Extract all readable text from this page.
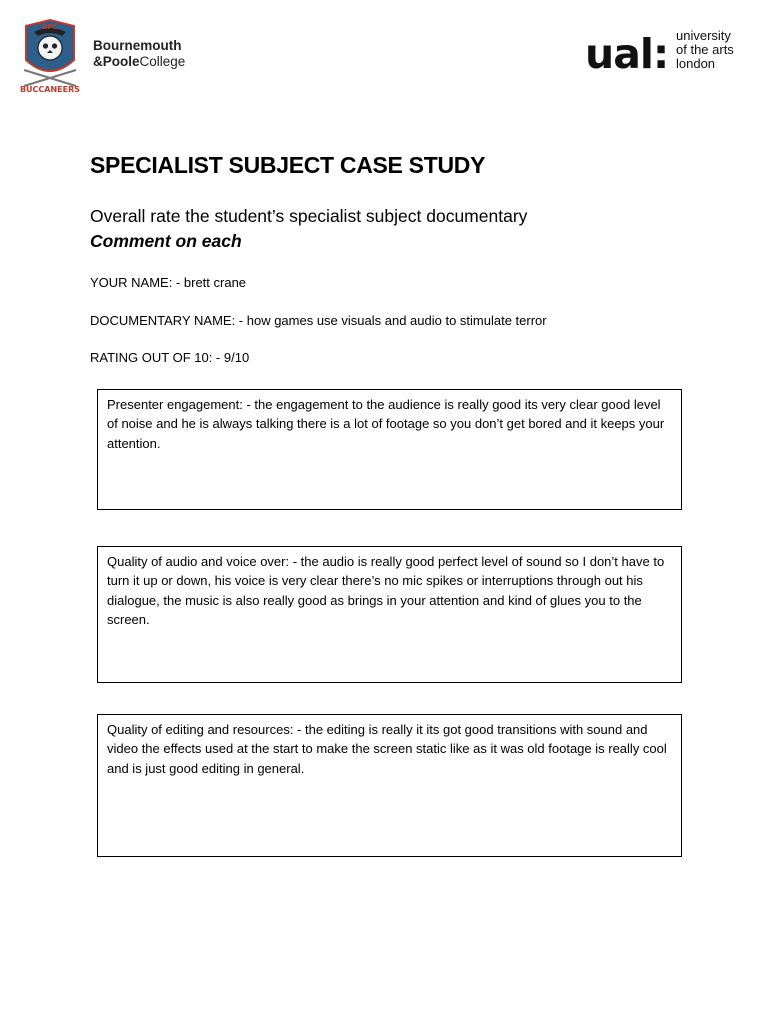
BUCCANEERS
BPC
Bournemouth
&PooleCollege	ual: university
of the arts
london
SPECIALIST SUBJECT CASE STUDY
Overall rate the student’s specialist subject documentary
Comment on each
YOUR NAME: - brett crane
DOCUMENTARY NAME: - how games use visuals and audio to stimulate terror
RATING OUT OF 10: - 9/10
Presenter engagement: - the engagement to the audience is really good its very clear good level of noise and he is always talking there is a lot of footage so you don’t get bored and it keeps your attention.
Quality of audio and voice over: - the audio is really good perfect level of sound so I don’t have to turn it up or down, his voice is very clear there’s no mic spikes or interruptions through out his dialogue, the music is also really good as brings in your attention and kind of glues you to the screen.
Quality of editing and resources: - the editing is really it its got good transitions with sound and video the effects used at the start to make the screen static like as it was old footage is really cool and is just good editing in general.
